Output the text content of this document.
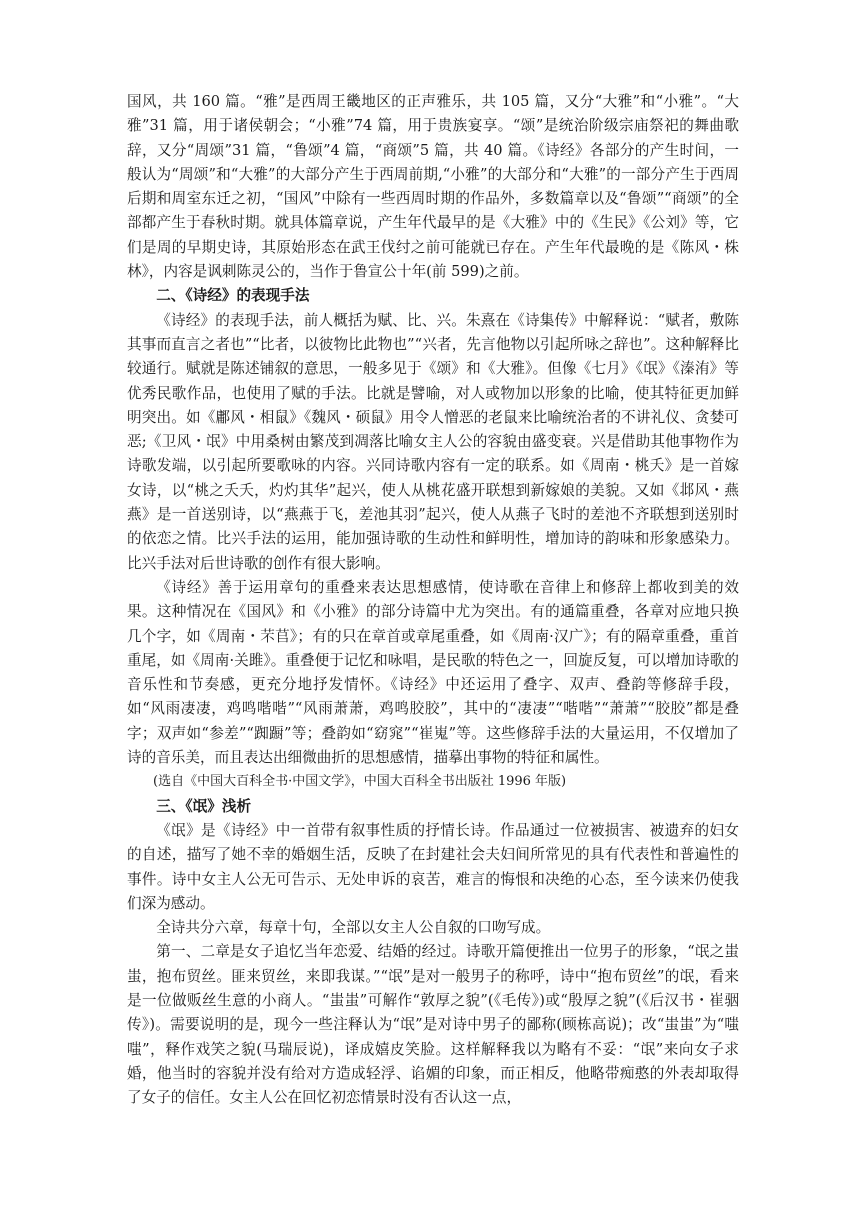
国风，共 160 篇。“雅”是西周王畿地区的正声雅乐，共 105 篇，又分“大雅”和“小雅”。“大雅”31 篇，用于诸侯朝会；“小雅”74 篇，用于贵族宴享。“颂”是统治阶级宗庙祭祀的舞曲歌辞，又分“周颂”31 篇，“鲁颂”4 篇，“商颂”5 篇，共 40 篇。《诗经》各部分的产生时间，一般认为“周颂”和“大雅”的大部分产生于西周前期,“小雅”的大部分和“大雅”的一部分产生于西周后期和周室东迁之初，“国风”中除有一些西周时期的作品外，多数篇章以及“鲁颂”“商颂”的全部都产生于春秋时期。就具体篇章说，产生年代最早的是《大雅》中的《生民》《公刘》等，它们是周的早期史诗，其原始形态在武王伐纣之前可能就已存在。产生年代最晚的是《陈风・株林》，内容是讽刺陈灵公的，当作于鲁宣公十年(前 599)之前。

二、《诗经》的表现手法

《诗经》的表现手法，前人概括为赋、比、兴。朱熹在《诗集传》中解释说：“赋者，敷陈其事而直言之者也”“比者，以彼物比此物也”“兴者，先言他物以引起所咏之辞也”。这种解释比较通行。赋就是陈述铺叙的意思，一般多见于《颂》和《大雅》。但像《七月》《氓》《溱洧》等优秀民歌作品，也使用了赋的手法。比就是譬喻，对人或物加以形象的比喻，使其特征更加鲜明突出。如《鄘风・相鼠》《魏风・硕鼠》用令人憎恶的老鼠来比喻统治者的不讲礼仪、贪婪可恶;《卫风・氓》中用桑树由繁茂到凋落比喻女主人公的容貌由盛变衰。兴是借助其他事物作为诗歌发端，以引起所要歌咏的内容。兴同诗歌内容有一定的联系。如《周南・桃夭》是一首嫁女诗，以“桃之夭夭，灼灼其华”起兴，使人从桃花盛开联想到新嫁娘的美貌。又如《邶风・燕燕》是一首送别诗，以“燕燕于飞，差池其羽”起兴，使人从燕子飞时的差池不齐联想到送别时的依恋之情。比兴手法的运用，能加强诗歌的生动性和鲜明性，增加诗的韵味和形象感染力。比兴手法对后世诗歌的创作有很大影响。

《诗经》善于运用章句的重叠来表达思想感情，使诗歌在音律上和修辞上都收到美的效果。这种情况在《国风》和《小雅》的部分诗篇中尤为突出。有的通篇重叠，各章对应地只换几个字，如《周南・芣苢》；有的只在章首或章尾重叠，如《周南·汉广》；有的隔章重叠，重首重尾，如《周南·关雎》。重叠便于记忆和咏唱，是民歌的特色之一，回旋反复，可以增加诗歌的音乐性和节奏感，更充分地抒发情怀。《诗经》中还运用了叠字、双声、叠韵等修辞手段，如“风雨凄凄，鸡鸣喈喈”“风雨萧萧，鸡鸣胶胶”，其中的“凄凄”“喈喈”“萧萧”“胶胶”都是叠字；双声如“参差”“踟蹰”等；叠韵如“窈窕”“崔嵬”等。这些修辞手法的大量运用，不仅增加了诗的音乐美，而且表达出细微曲折的思想感情，描摹出事物的特征和属性。

(选自《中国大百科全书·中国文学》，中国大百科全书出版社 1996 年版)

三、《氓》浅析

《氓》是《诗经》中一首带有叙事性质的抒情长诗。作品通过一位被损害、被遗弃的妇女的自述，描写了她不幸的婚姻生活，反映了在封建社会夫妇间所常见的具有代表性和普遍性的事件。诗中女主人公无可告示、无处申诉的哀苦，难言的悔恨和决绝的心态，至今读来仍使我们深为感动。

全诗共分六章，每章十句，全部以女主人公自叙的口吻写成。

第一、二章是女子追忆当年恋爱、结婚的经过。诗歌开篇便推出一位男子的形象，“氓之蚩蚩，抱布贸丝。匪来贸丝，来即我谋。”“氓”是对一般男子的称呼，诗中“抱布贸丝”的氓，看来是一位做贩丝生意的小商人。“蚩蚩”可解作“敦厚之貌”(《毛传》)或“殷厚之貌”(《后汉书・崔骃传》)。需要说明的是，现今一些注释认为“氓”是对诗中男子的鄙称(顾栋高说)；改“蚩蚩”为“嗤嗤”，释作戏笑之貌(马瑞辰说)，译成嬉皮笑脸。这样解释我以为略有不妥：“氓”来向女子求婚，他当时的容貌并没有给对方造成轻浮、谄媚的印象，而正相反，他略带痴憨的外表却取得了女子的信任。女主人公在回忆初恋情景时没有否认这一点，
